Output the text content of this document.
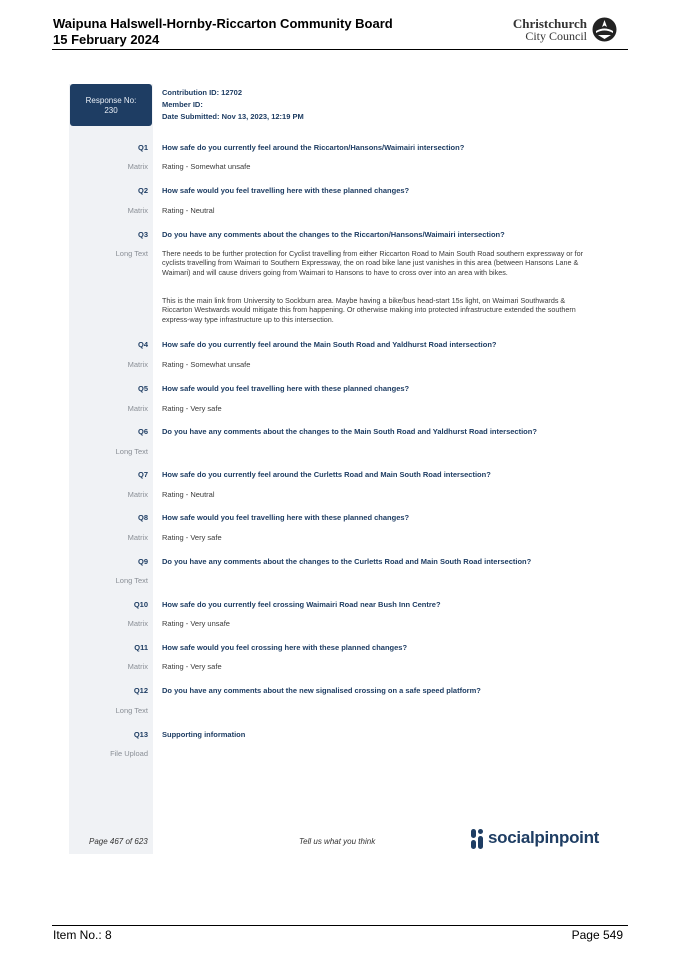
Waipuna Halswell-Hornby-Riccarton Community Board
15 February 2024
Christchurch
City Council
Response No:
230
Contribution ID: 12702
Member ID:
Date Submitted: Nov 13, 2023, 12:19 PM
Q1 How safe do you currently feel around the Riccarton/Hansons/Waimairi intersection?
Matrix Rating - Somewhat unsafe
Q2 How safe would you feel travelling here with these planned changes?
Matrix Rating - Neutral
Q3 Do you have any comments about the changes to the Riccarton/Hansons/Waimairi intersection?
Long Text There needs to be further protection for Cyclist travelling from either Riccarton Road to Main South Road southern expressway or for cyclists travelling from Waimari to Southern Expressway, the on road bike lane just vanishes in this area (between Hansons Lane & Waimari) and will cause drivers going from Waimari to Hansons to have to cross over into an area with bikes.
This is the main link from University to Sockburn area. Maybe having a bike/bus head-start 15s light, on Waimari Southwards & Riccarton Westwards would mitigate this from happening. Or otherwise making into protected infrastructure extended the southern express-way type infrastructure up to this intersection.
Q4 How safe do you currently feel around the Main South Road and Yaldhurst Road intersection?
Matrix Rating - Somewhat unsafe
Q5 How safe would you feel travelling here with these planned changes?
Matrix Rating - Very safe
Q6 Do you have any comments about the changes to the Main South Road and Yaldhurst Road intersection?
Long Text
Q7 How safe do you currently feel around the Curletts Road and Main South Road intersection?
Matrix Rating - Neutral
Q8 How safe would you feel travelling here with these planned changes?
Matrix Rating - Very safe
Q9 Do you have any comments about the changes to the Curletts Road and Main South Road intersection?
Long Text
Q10 How safe do you currently feel crossing Waimairi Road near Bush Inn Centre?
Matrix Rating - Very unsafe
Q11 How safe would you feel crossing here with these planned changes?
Matrix Rating - Very safe
Q12 Do you have any comments about the new signalised crossing on a safe speed platform?
Long Text
Q13 Supporting information
File Upload
Page 467 of 623	Tell us what you think	socialpinpoint
Item No.: 8	Page 549
